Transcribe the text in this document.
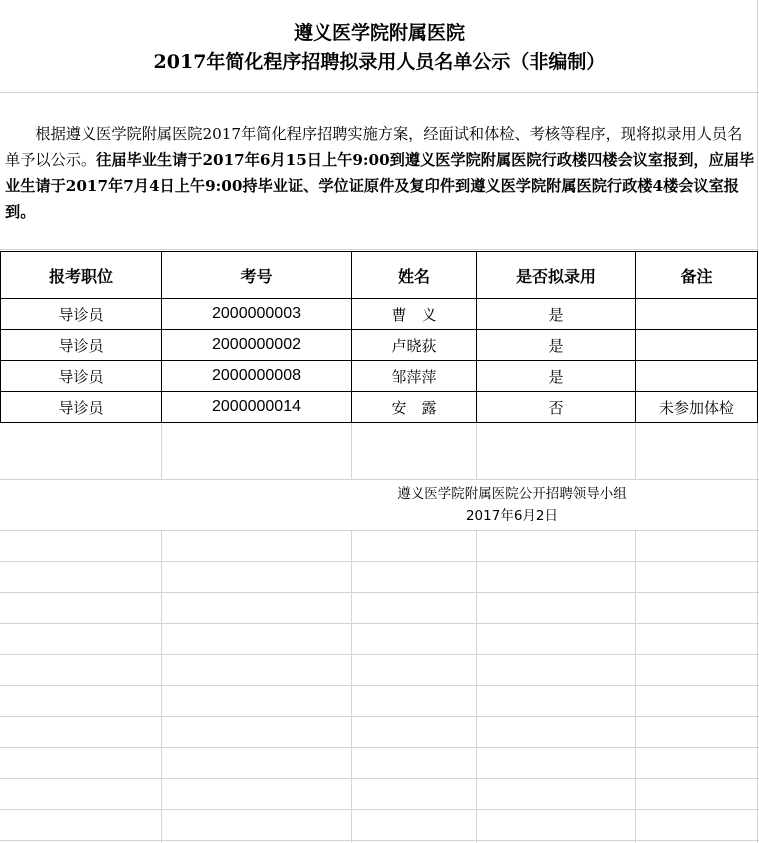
遵义医学院附属医院
2017年简化程序招聘拟录用人员名单公示（非编制）
　　根据遵义医学院附属医院2017年简化程序招聘实施方案，经面试和体检、考核等程序，现将拟录用人员名单予以公示。往届毕业生请于2017年6月15日上午9:00到遵义医学院附属医院行政楼四楼会议室报到，应届毕业生请于2017年7月4日上午9:00持毕业证、学位证原件及复印件到遵义医学院附属医院行政楼4楼会议室报到。
报考职位	考号	姓名	是否拟录用	备注
导诊员	2000000003	曹　义	是
导诊员	2000000002	卢晓荻	是
导诊员	2000000008	邹萍萍	是
导诊员	2000000014	安　露	否	未参加体检
遵义医学院附属医院公开招聘领导小组
2017年6月2日
